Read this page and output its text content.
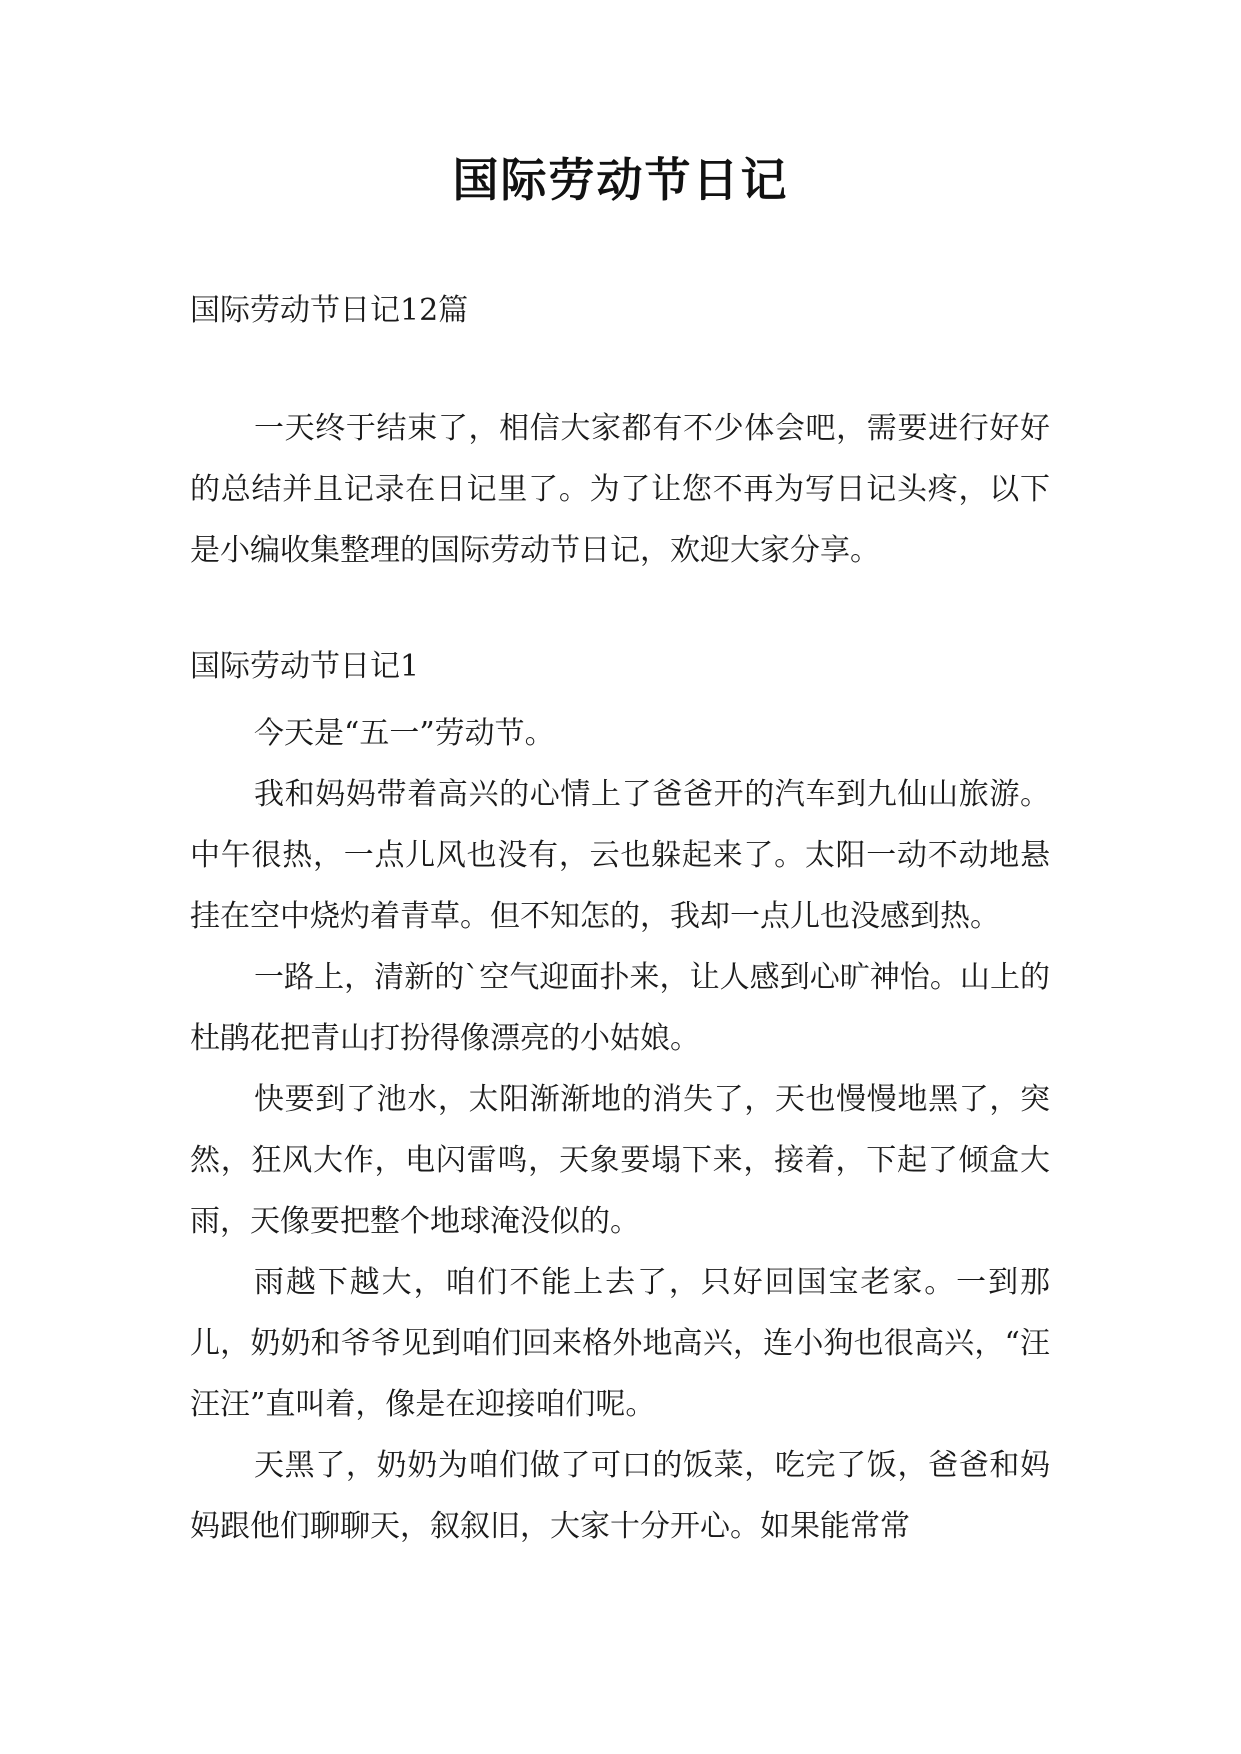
国际劳动节日记

国际劳动节日记12篇

一天终于结束了，相信大家都有不少体会吧，需要进行好好的总结并且记录在日记里了。为了让您不再为写日记头疼，以下是小编收集整理的国际劳动节日记，欢迎大家分享。

国际劳动节日记1

今天是“五一”劳动节。

我和妈妈带着高兴的心情上了爸爸开的汽车到九仙山旅游。中午很热，一点儿风也没有，云也躲起来了。太阳一动不动地悬挂在空中烧灼着青草。但不知怎的，我却一点儿也没感到热。

一路上，清新的`空气迎面扑来，让人感到心旷神怡。山上的杜鹃花把青山打扮得像漂亮的小姑娘。

快要到了池水，太阳渐渐地的消失了，天也慢慢地黑了，突然，狂风大作，电闪雷鸣，天象要塌下来，接着，下起了倾盒大雨，天像要把整个地球淹没似的。

雨越下越大，咱们不能上去了，只好回国宝老家。一到那儿，奶奶和爷爷见到咱们回来格外地高兴，连小狗也很高兴，“汪汪汪”直叫着，像是在迎接咱们呢。

天黑了，奶奶为咱们做了可口的饭菜，吃完了饭，爸爸和妈妈跟他们聊聊天，叙叙旧，大家十分开心。如果能常常
